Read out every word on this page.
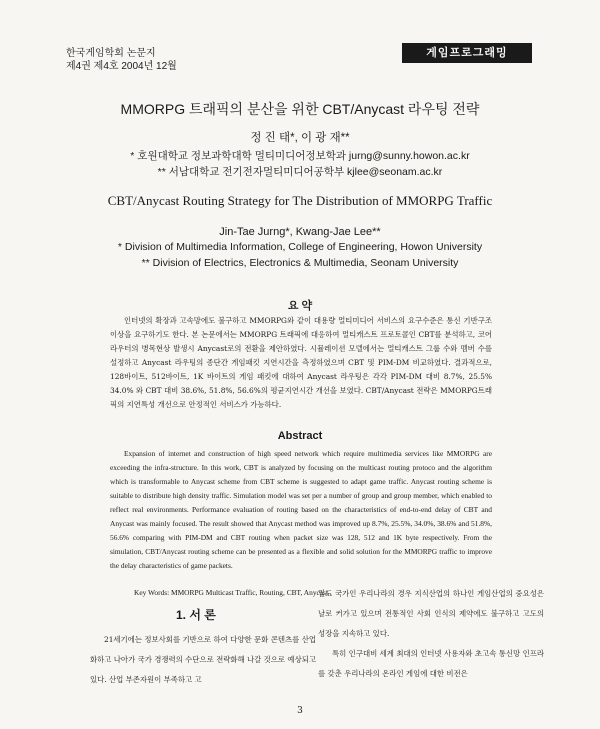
한국게임학회 논문지
제4권 제4호 2004년 12월
게임프로그래밍
MMORPG 트래픽의 분산을 위한 CBT/Anycast 라우팅 전략
정 진 태*, 이 광 재**
* 호원대학교 정보과학대학 멀티미디어정보학과 jurng@sunny.howon.ac.kr
** 서남대학교 전기전자멀티미디어공학부 kjlee@seonam.ac.kr
CBT/Anycast Routing Strategy for The Distribution of MMORPG Traffic
Jin-Tae Jurng*, Kwang-Jae Lee**
* Division of Multimedia Information, College of Engineering, Howon University
** Division of Electrics, Electronics & Multimedia, Seonam University
요 약
인터넷의 확장과 고속망에도 불구하고 MMORPG와 같이 대용량 멀티미디어 서비스의 요구수준은 통신 기반구조 이상을 요구하기도 한다. 본 논문에서는 MMORPG 트래픽에 대응하여 멀티캐스트 프로토콜인 CBT를 분석하고, 코어라우터의 병목현상 발생시 Anycast로의 전환을 제안하였다. 시뮬레이션 모델에서는 멀티캐스트 그룹 수와 멤버 수를 설정하고 Anycast 라우팅의 종단간 게임패킷 지연시간을 측정하였으며 CBT 및 PIM-DM 비교하였다. 결과적으로, 128바이트, 512바이트, 1K 바이트의 게임 패킷에 대하여 Anycast 라우팅은 각각 PIM-DM 대비 8.7%, 25.5% 34.0% 와 CBT 대비 38.6%, 51.8%, 56.6%의 평균지연시간 개선을 보였다. CBT/Anycast 전략은 MMORPG트래픽의 지연특성 개선으로 안정적인 서비스가 가능하다.
Abstract
Expansion of internet and construction of high speed network which require multimedia services like MMORPG are exceeding the infra-structure. In this work, CBT is analyzed by focusing on the multicast routing protoco and the algorithm which is transformable to Anycast scheme from CBT scheme is suggested to adapt game traffic. Anycast routing scheme is suitable to distribute high density traffic. Simulation model was set per a number of group and group member, which enabled to reflect real environments. Performance evaluation of routing based on the characteristics of end-to-end delay of CBT and Anycast was mainly focused. The result showed that Anycast method was improved up 8.7%, 25.5%, 34.0%, 38.6% and 51.8%, 56.6% comparing with PIM-DM and CBT routing when packet size was 128, 512 and 1K byte respectively. From the simulation, CBT/Anycast routing scheme can be presented as a flexible and solid solution for the MMORPG traffic to improve the delay characteristics of game packets.
Key Words: MMORPG Multicast Traffic, Routing, CBT, Anycast ,
1. 서 론

21세기에는 정보사회를 기반으로 하여 다양한 문화 콘텐츠를 산업화하고 나아가 국가 경쟁력의 수단으로 전략화해 나갈 것으로 예상되고 있다. 산업 부존자원이 부족하고 고

밀도 국가인 우리나라의 경우 지식산업의 하나인 게임산업의 중요성은 날로 커가고 있으며 전통적인 사회 인식의 제약에도 불구하고 고도의 성장을 지속하고 있다.

특히 인구대비 세계 최대의 인터넷 사용자와 초고속 통신망 인프라를 갖춘 우리나라의 온라인 게임에 대한 비전은

3
